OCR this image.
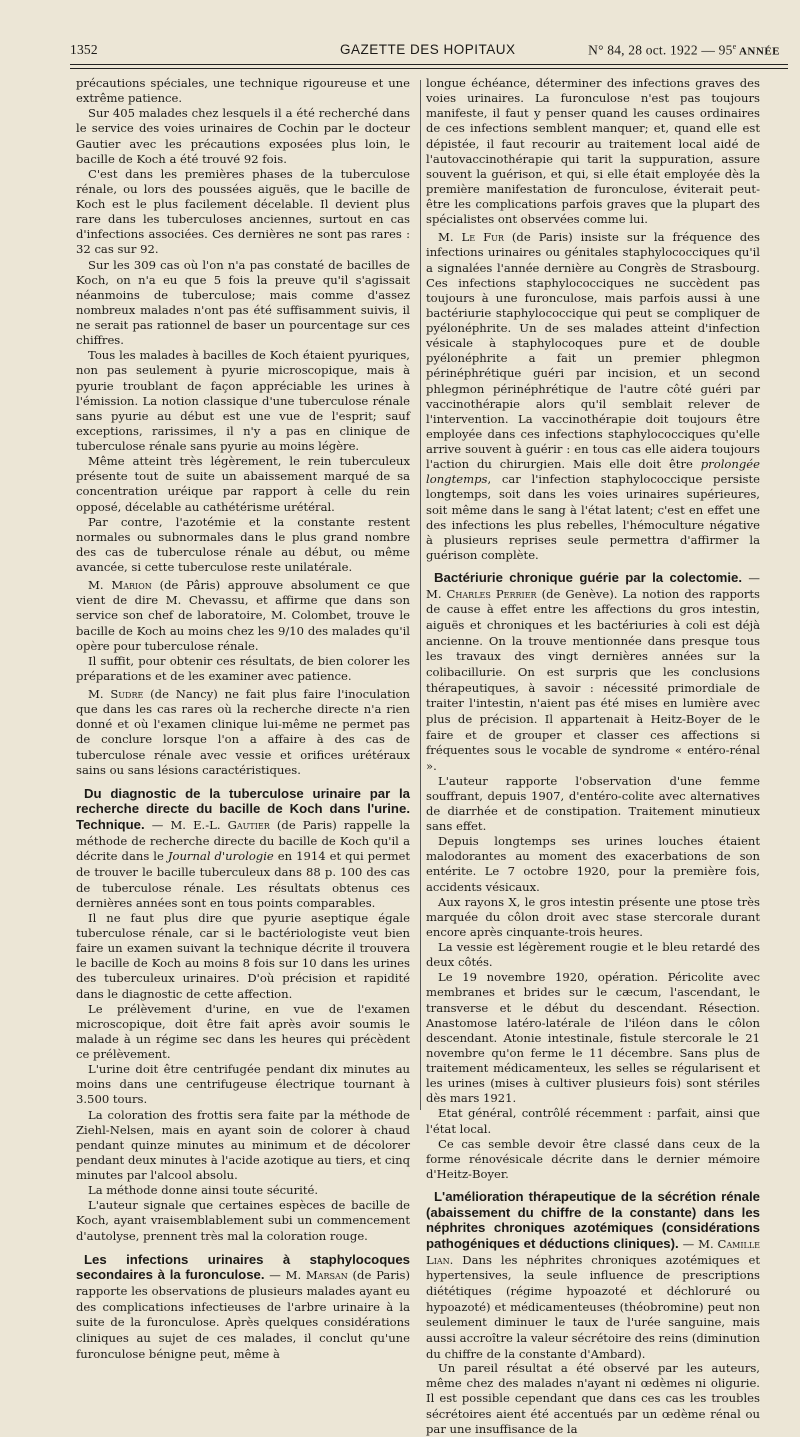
1352	GAZETTE DES HOPITAUX	N° 84, 28 oct. 1922 — 95e ANNÉE

précautions spéciales, une technique rigoureuse et une extrême patience.

Sur 405 malades chez lesquels il a été recherché dans le service des voies urinaires de Cochin par le docteur Gautier avec les précautions exposées plus loin, le bacille de Koch a été trouvé 92 fois.

C'est dans les premières phases de la tuberculose rénale, ou lors des poussées aiguës, que le bacille de Koch est le plus facilement décelable. Il devient plus rare dans les tuberculoses anciennes, surtout en cas d'infections associées. Ces dernières ne sont pas rares : 32 cas sur 92.

Sur les 309 cas où l'on n'a pas constaté de bacilles de Koch, on n'a eu que 5 fois la preuve qu'il s'agissait néanmoins de tuberculose; mais comme d'assez nombreux malades n'ont pas été suffisamment suivis, il ne serait pas rationnel de baser un pourcentage sur ces chiffres.

Tous les malades à bacilles de Koch étaient pyuriques, non pas seulement à pyurie microscopique, mais à pyurie troublant de façon appréciable les urines à l'émission. La notion classique d'une tuberculose rénale sans pyurie au début est une vue de l'esprit; sauf exceptions, rarissimes, il n'y a pas en clinique de tuberculose rénale sans pyurie au moins légère.

Même atteint très légèrement, le rein tuberculeux présente tout de suite un abaissement marqué de sa concentration uréique par rapport à celle du rein opposé, décelable au cathétérisme urétéral.

Par contre, l'azotémie et la constante restent normales ou subnormales dans le plus grand nombre des cas de tuberculose rénale au début, ou même avancée, si cette tuberculose reste unilatérale.

M. Marion (de Pâris) approuve absolument ce que vient de dire M. Chevassu, et affirme que dans son service son chef de laboratoire, M. Colombet, trouve le bacille de Koch au moins chez les 9/10 des malades qu'il opère pour tuberculose rénale.

Il suffit, pour obtenir ces résultats, de bien colorer les préparations et de les examiner avec patience.

M. Sudre (de Nancy) ne fait plus faire l'inoculation que dans les cas rares où la recherche directe n'a rien donné et où l'examen clinique lui-même ne permet pas de conclure lorsque l'on a affaire à des cas de tuberculose rénale avec vessie et orifices urétéraux sains ou sans lésions caractéristiques.

Du diagnostic de la tuberculose urinaire par la recherche directe du bacille de Koch dans l'urine. Technique. — M. E.-L. Gautier (de Paris) rappelle la méthode de recherche directe du bacille de Koch qu'il a décrite dans le Journal d'urologie en 1914 et qui permet de trouver le bacille tuberculeux dans 88 p. 100 des cas de tuberculose rénale. Les résultats obtenus ces dernières années sont en tous points comparables.

Il ne faut plus dire que pyurie aseptique égale tuberculose rénale, car si le bactériologiste veut bien faire un examen suivant la technique décrite il trouvera le bacille de Koch au moins 8 fois sur 10 dans les urines des tuberculeux urinaires. D'où précision et rapidité dans le diagnostic de cette affection.

Le prélèvement d'urine, en vue de l'examen microscopique, doit être fait après avoir soumis le malade à un régime sec dans les heures qui précèdent ce prélèvement.

L'urine doit être centrifugée pendant dix minutes au moins dans une centrifugeuse électrique tournant à 3.500 tours.

La coloration des frottis sera faite par la méthode de Ziehl-Nelsen, mais en ayant soin de colorer à chaud pendant quinze minutes au minimum et de décolorer pendant deux minutes à l'acide azotique au tiers, et cinq minutes par l'alcool absolu.

La méthode donne ainsi toute sécurité.

L'auteur signale que certaines espèces de bacille de Koch, ayant vraisemblablement subi un commencement d'autolyse, prennent très mal la coloration rouge.

Les infections urinaires à staphylocoques secondaires à la furonculose. — M. Marsan (de Paris) rapporte les observations de plusieurs malades ayant eu des complications infectieuses de l'arbre urinaire à la suite de la furonculose. Après quelques considérations cliniques au sujet de ces malades, il conclut qu'une furonculose bénigne peut, même à

longue échéance, déterminer des infections graves des voies urinaires. La furonculose n'est pas toujours manifeste, il faut y penser quand les causes ordinaires de ces infections semblent manquer; et, quand elle est dépistée, il faut recourir au traitement local aidé de l'autovaccinothérapie qui tarit la suppuration, assure souvent la guérison, et qui, si elle était employée dès la première manifestation de furonculose, éviterait peut-être les complications parfois graves que la plupart des spécialistes ont observées comme lui.

M. Le Fur (de Paris) insiste sur la fréquence des infections urinaires ou génitales staphylococciques qu'il a signalées l'année dernière au Congrès de Strasbourg. Ces infections staphylococciques ne succèdent pas toujours à une furonculose, mais parfois aussi à une bactériurie staphylococcique qui peut se compliquer de pyélonéphrite. Un de ses malades atteint d'infection vésicale à staphylocoques pure et de double pyélonéphrite a fait un premier phlegmon périnéphrétique guéri par incision, et un second phlegmon périnéphrétique de l'autre côté guéri par vaccinothérapie alors qu'il semblait relever de l'intervention. La vaccinothérapie doit toujours être employée dans ces infections staphylococciques qu'elle arrive souvent à guérir : en tous cas elle aidera toujours l'action du chirurgien. Mais elle doit être prolongée longtemps, car l'infection staphylococcique persiste longtemps, soit dans les voies urinaires supérieures, soit même dans le sang à l'état latent; c'est en effet une des infections les plus rebelles, l'hémoculture négative à plusieurs reprises seule permettra d'affirmer la guérison complète.

Bactériurie chronique guérie par la colectomie. — M. Charles Perrier (de Genève). La notion des rapports de cause à effet entre les affections du gros intestin, aiguës et chroniques et les bactériuries à coli est déjà ancienne. On la trouve mentionnée dans presque tous les travaux des vingt dernières années sur la colibacillurie. On est surpris que les conclusions thérapeutiques, à savoir : nécessité primordiale de traiter l'intestin, n'aient pas été mises en lumière avec plus de précision. Il appartenait à Heitz-Boyer de le faire et de grouper et classer ces affections si fréquentes sous le vocable de syndrome « entéro-rénal ».

L'auteur rapporte l'observation d'une femme souffrant, depuis 1907, d'entéro-colite avec alternatives de diarrhée et de constipation. Traitement minutieux sans effet.

Depuis longtemps ses urines louches étaient malodorantes au moment des exacerbations de son entérite. Le 7 octobre 1920, pour la première fois, accidents vésicaux.

Aux rayons X, le gros intestin présente une ptose très marquée du côlon droit avec stase stercorale durant encore après cinquante-trois heures.

La vessie est légèrement rougie et le bleu retardé des deux côtés.

Le 19 novembre 1920, opération. Péricolite avec membranes et brides sur le cæcum, l'ascendant, le transverse et le début du descendant. Résection. Anastomose latéro-latérale de l'iléon dans le côlon descendant. Atonie intestinale, fistule stercorale le 21 novembre qu'on ferme le 11 décembre. Sans plus de traitement médicamenteux, les selles se régularisent et les urines (mises à cultiver plusieurs fois) sont stériles dès mars 1921.

Etat général, contrôlé récemment : parfait, ainsi que l'état local.

Ce cas semble devoir être classé dans ceux de la forme rénovésicale décrite dans le dernier mémoire d'Heitz-Boyer.

L'amélioration thérapeutique de la sécrétion rénale (abaissement du chiffre de la constante) dans les néphrites chroniques azotémiques (considérations pathogéniques et déductions cliniques). — M. Camille Lian. Dans les néphrites chroniques azotémiques et hypertensives, la seule influence de prescriptions diététiques (régime hypoazoté et déchloruré ou hypoazoté) et médicamenteuses (théobromine) peut non seulement diminuer le taux de l'urée sanguine, mais aussi accroître la valeur sécrétoire des reins (diminution du chiffre de la constante d'Ambard).

Un pareil résultat a été observé par les auteurs, même chez des malades n'ayant ni œdèmes ni oligurie. Il est possible cependant que dans ces cas les troubles sécrétoires aient été accentués par un œdème rénal ou par une insuffisance de la
